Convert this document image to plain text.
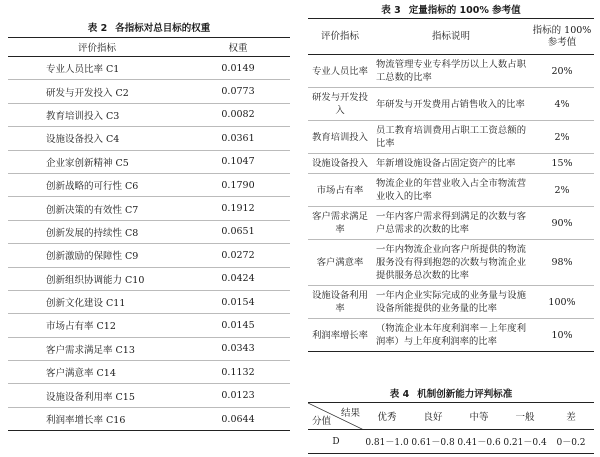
表 2 各指标对总目标的权重
评价指标	权重
专业人员比率 C1	0.0149
研发与开发投入 C2	0.0773
教育培训投入 C3	0.0082
设施设备投入 C4	0.0361
企业家创新精神 C5	0.1047
创新战略的可行性 C6	0.1790
创新决策的有效性 C7	0.1912
创新发展的持续性 C8	0.0651
创新激励的保障性 C9	0.0272
创新组织协调能力 C10	0.0424
创新文化建设 C11	0.0154
市场占有率 C12	0.0145
客户需求满足率 C13	0.0343
客户满意率 C14	0.1132
设施设备利用率 C15	0.0123
利润率增长率 C16	0.0644
表 3 定量指标的 100% 参考值
评价指标	指标说明	指标的 100% 参考值
专业人员比率	物流管理专业专科学历以上人数占职工总数的比率	20%
研发与开发投入	年研发与开发费用占销售收入的比率	4%
教育培训投入	员工教育培训费用占职工工资总额的比率	2%
设施设备投入	年新增设施设备占固定资产的比率	15%
市场占有率	物流企业的年营业收入占全市物流营业收入的比率	2%
客户需求满足率	一年内客户需求得到满足的次数与客户总需求的次数的比率	90%
客户满意率	一年内物流企业向客户所提供的物流服务没有得到抱怨的次数与物流企业提供服务总次数的比率	98%
设施设备利用率	一年内企业实际完成的业务量与设施设备所能提供的业务量的比率	100%
利润率增长率	（物流企业本年度利润率－上年度利润率）与上年度利润率的比率	10%
表 4 机制创新能力评判标准
结果
分值	优秀	良好	中等	一般	差
D	0.81－1.0	0.61－0.8	0.41－0.6	0.21－0.4	0－0.2
